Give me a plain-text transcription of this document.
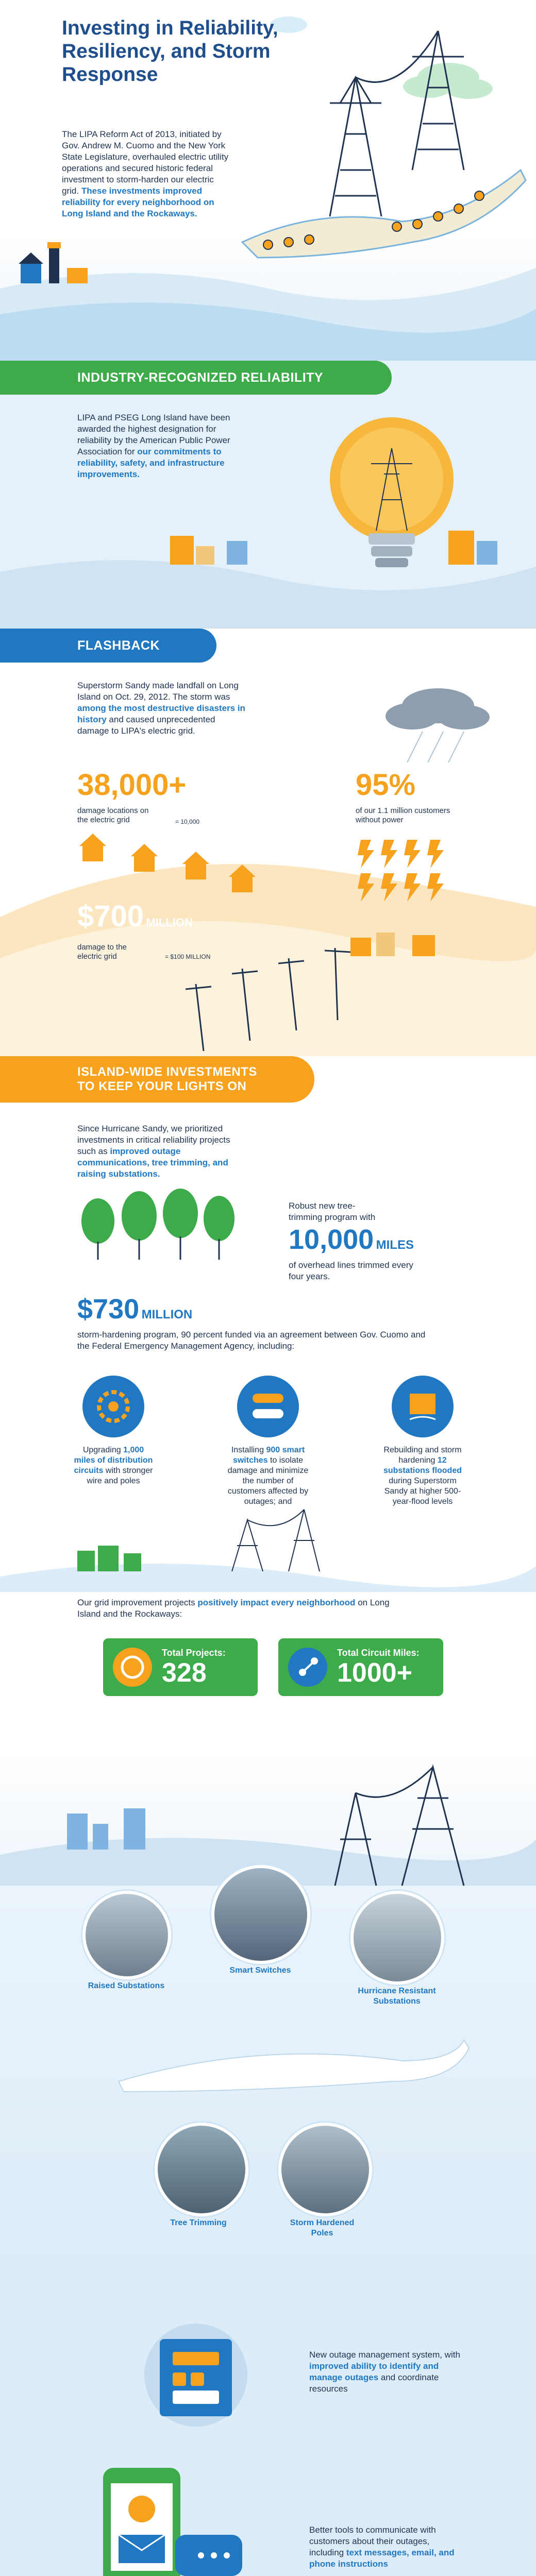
Investing in Reliability, Resiliency, and Storm Response
The LIPA Reform Act of 2013, initiated by Gov. Andrew M. Cuomo and the New York State Legislature, overhauled electric utility operations and secured historic federal investment to storm-harden our electric grid. These investments improved reliability for every neighborhood on Long Island and the Rockaways.
INDUSTRY-RECOGNIZED RELIABILITY
LIPA and PSEG Long Island have been awarded the highest designation for reliability by the American Public Power Association for our commitments to reliability, safety, and infrastructure improvements.
FLASHBACK
Superstorm Sandy made landfall on Long Island on Oct. 29, 2012. The storm was among the most destructive disasters in history and caused unprecedented damage to LIPA's electric grid.
38,000+
damage locations on the electric grid	= 10,000
95%
of our 1.1 million customers without power
$700 MILLION
damage to the electric grid	= $100 MILLION
ISLAND-WIDE INVESTMENTS TO KEEP YOUR LIGHTS ON
Since Hurricane Sandy, we prioritized investments in critical reliability projects such as improved outage communications, tree trimming, and raising substations.
Robust new tree-trimming program with
10,000 MILES
of overhead lines trimmed every four years.
$730 MILLION
storm-hardening program, 90 percent funded via an agreement between Gov. Cuomo and the Federal Emergency Management Agency, including:
Upgrading 1,000 miles of distribution circuits with stronger wire and poles
Installing 900 smart switches to isolate damage and minimize the number of customers affected by outages; and
Rebuilding and storm hardening 12 substations flooded during Superstorm Sandy at higher 500-year-flood levels
Our grid improvement projects positively impact every neighborhood on Long Island and the Rockaways:
Total Projects:
328
Total Circuit Miles:
1000+
Raised Substations
Smart Switches
Hurricane Resistant Substations
Tree Trimming	Storm Hardened Poles
New outage management system, with improved ability to identify and manage outages and coordinate resources
Better tools to communicate with customers about their outages, including text messages, email, and phone instructions
